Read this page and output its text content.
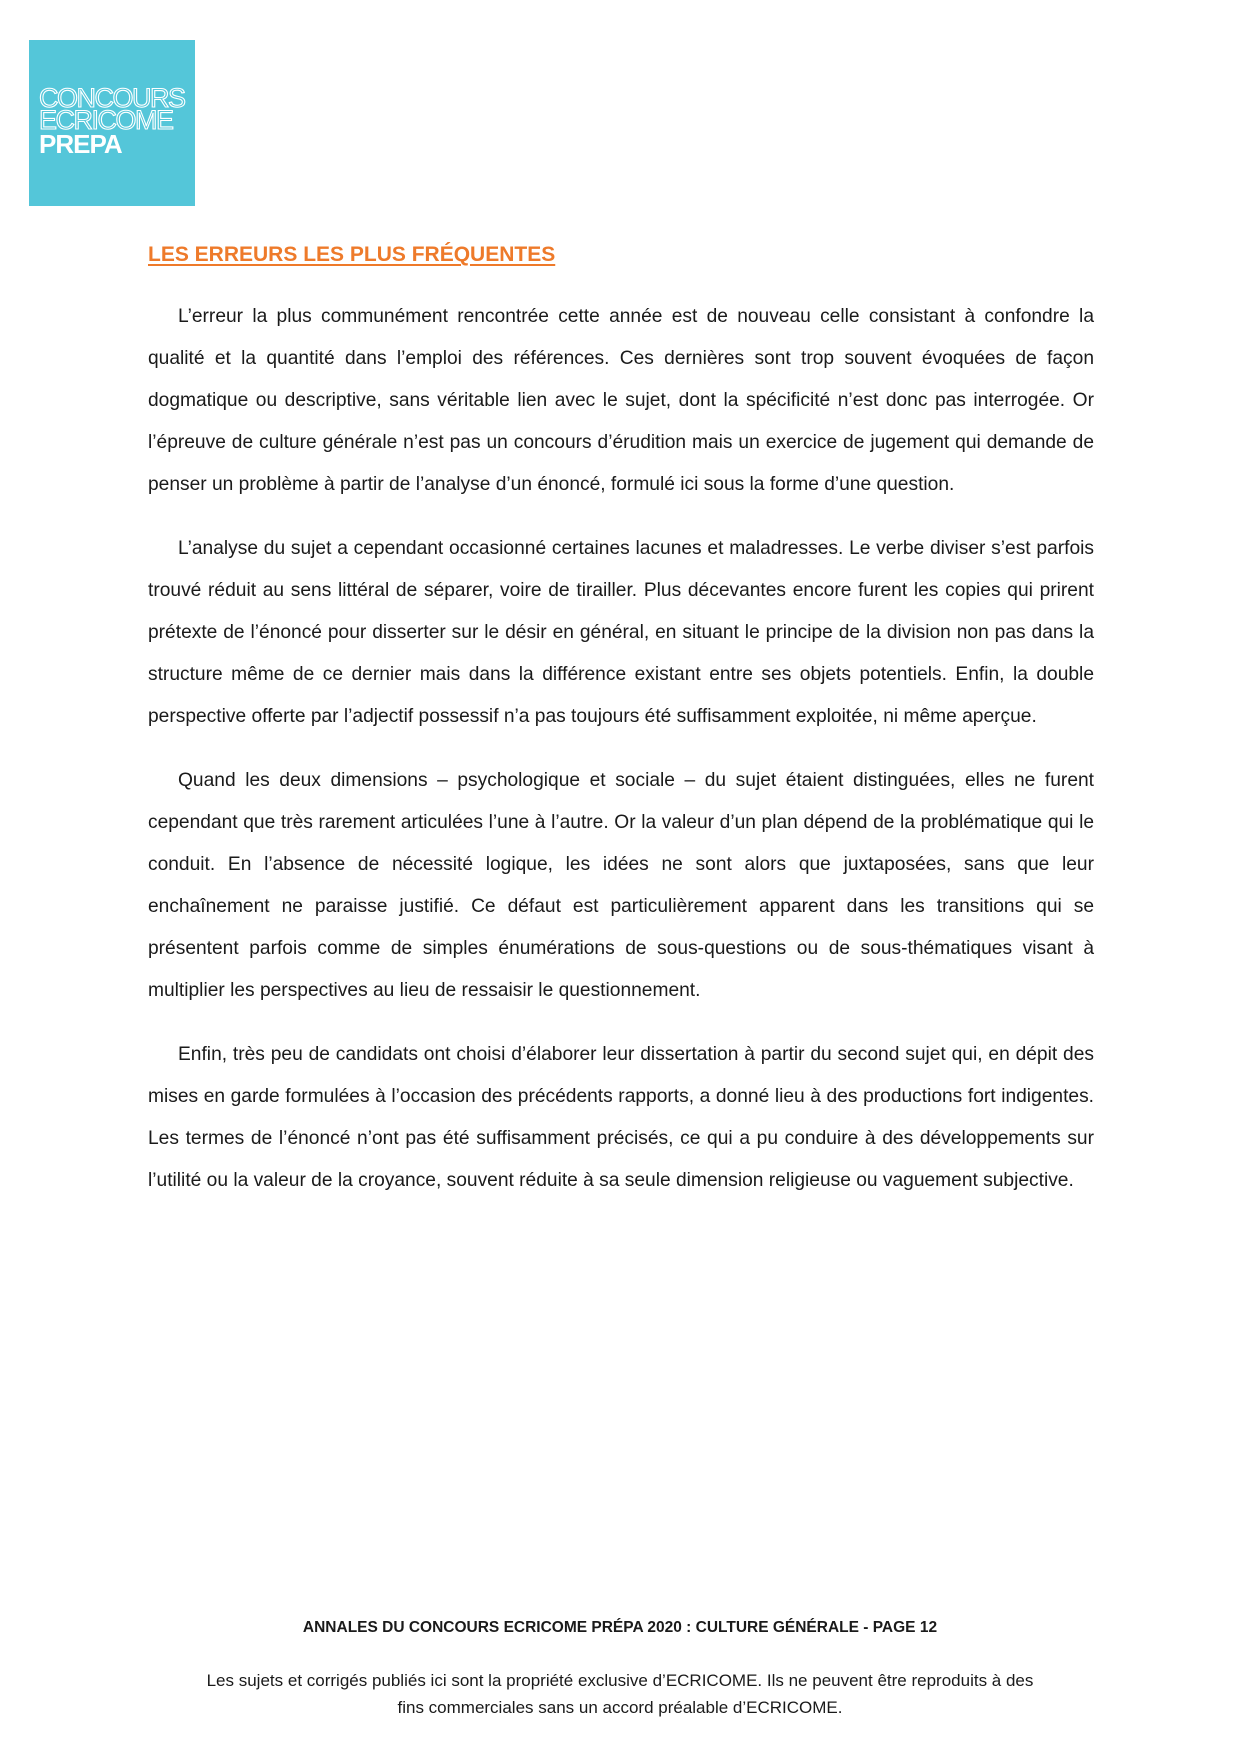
CONCOURS
ECRICOME
PREPA
LES ERREURS LES PLUS FRÉQUENTES

L’erreur la plus communément rencontrée cette année est de nouveau celle consistant à confondre la qualité et la quantité dans l’emploi des références. Ces dernières sont trop souvent évoquées de façon dogmatique ou descriptive, sans véritable lien avec le sujet, dont la spécificité n’est donc pas interrogée. Or l’épreuve de culture générale n’est pas un concours d’érudition mais un exercice de jugement qui demande de penser un problème à partir de l’analyse d’un énoncé, formulé ici sous la forme d’une question.

L’analyse du sujet a cependant occasionné certaines lacunes et maladresses. Le verbe diviser s’est parfois trouvé réduit au sens littéral de séparer, voire de tirailler. Plus décevantes encore furent les copies qui prirent prétexte de l’énoncé pour disserter sur le désir en général, en situant le principe de la division non pas dans la structure même de ce dernier mais dans la différence existant entre ses objets potentiels. Enfin, la double perspective offerte par l’adjectif possessif n’a pas toujours été suffisamment exploitée, ni même aperçue.

Quand les deux dimensions – psychologique et sociale – du sujet étaient distinguées, elles ne furent cependant que très rarement articulées l’une à l’autre. Or la valeur d’un plan dépend de la problématique qui le conduit. En l’absence de nécessité logique, les idées ne sont alors que juxtaposées, sans que leur enchaînement ne paraisse justifié. Ce défaut est particulièrement apparent dans les transitions qui se présentent parfois comme de simples énumérations de sous-questions ou de sous-thématiques visant à multiplier les perspectives au lieu de ressaisir le questionnement.

Enfin, très peu de candidats ont choisi d’élaborer leur dissertation à partir du second sujet qui, en dépit des mises en garde formulées à l’occasion des précédents rapports, a donné lieu à des productions fort indigentes. Les termes de l’énoncé n’ont pas été suffisamment précisés, ce qui a pu conduire à des développements sur l’utilité ou la valeur de la croyance, souvent réduite à sa seule dimension religieuse ou vaguement subjective.

ANNALES DU CONCOURS ECRICOME PRÉPA 2020 : CULTURE GÉNÉRALE - PAGE 12
Les sujets et corrigés publiés ici sont la propriété exclusive d’ECRICOME. Ils ne peuvent être reproduits à des
fins commerciales sans un accord préalable d’ECRICOME.
